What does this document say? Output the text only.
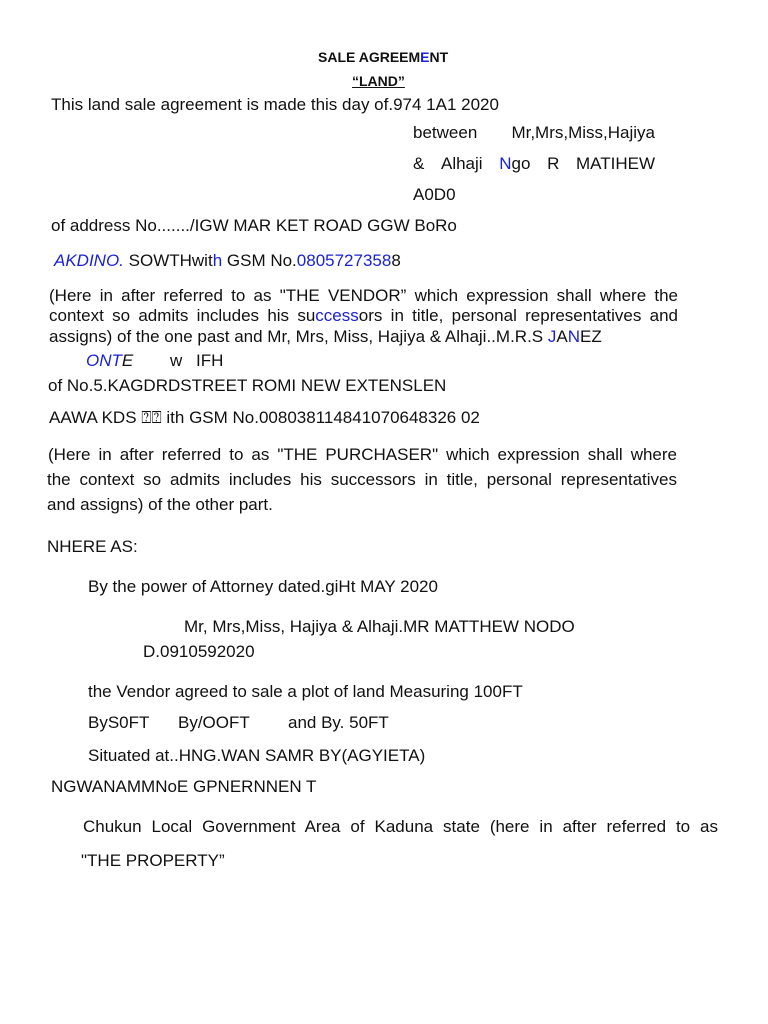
SALE AGREEMENT
“LAND”
This land sale agreement is made this day of.974 1A1 2020
between Mr,Mrs,Miss,Hajiya
& Alhaji Ngo R MATIHEW
A0D0
of address No......./IGW MAR KET ROAD GGW BoRo
AKDINO. SOWTHwith GSM No.08057273588
(Here in after referred to as "THE VENDOR” which expression shall where the
context so admits includes his successors in title, personal representatives and
assigns) of the one past and Mr, Mrs, Miss, Hajiya & Alhaji..M.R.S JANEZ
ONTE w IFH
of No.5.KAGDRDSTREET ROMI NEW EXTENSLEN
AAWA KDS ⍰⍰ ith GSM No.008038114841070648326 02
(Here in after referred to as "THE PURCHASER" which expression shall where
the context so admits includes his successors in title, personal representatives
and assigns) of the other part.
NHERE AS:
By the power of Attorney dated.giHt MAY 2020
Mr, Mrs,Miss, Hajiya & Alhaji.MR MATTHEW NODO
D.0910592020
the Vendor agreed to sale a plot of land Measuring 100FT
ByS0FT By/OOFT and By. 50FT
Situated at..HNG.WAN SAMR BY(AGYIETA)
NGWANAMMNoE GPNERNNEN T
Chukun Local Government Area of Kaduna state (here in after referred to as
"THE PROPERTY”
